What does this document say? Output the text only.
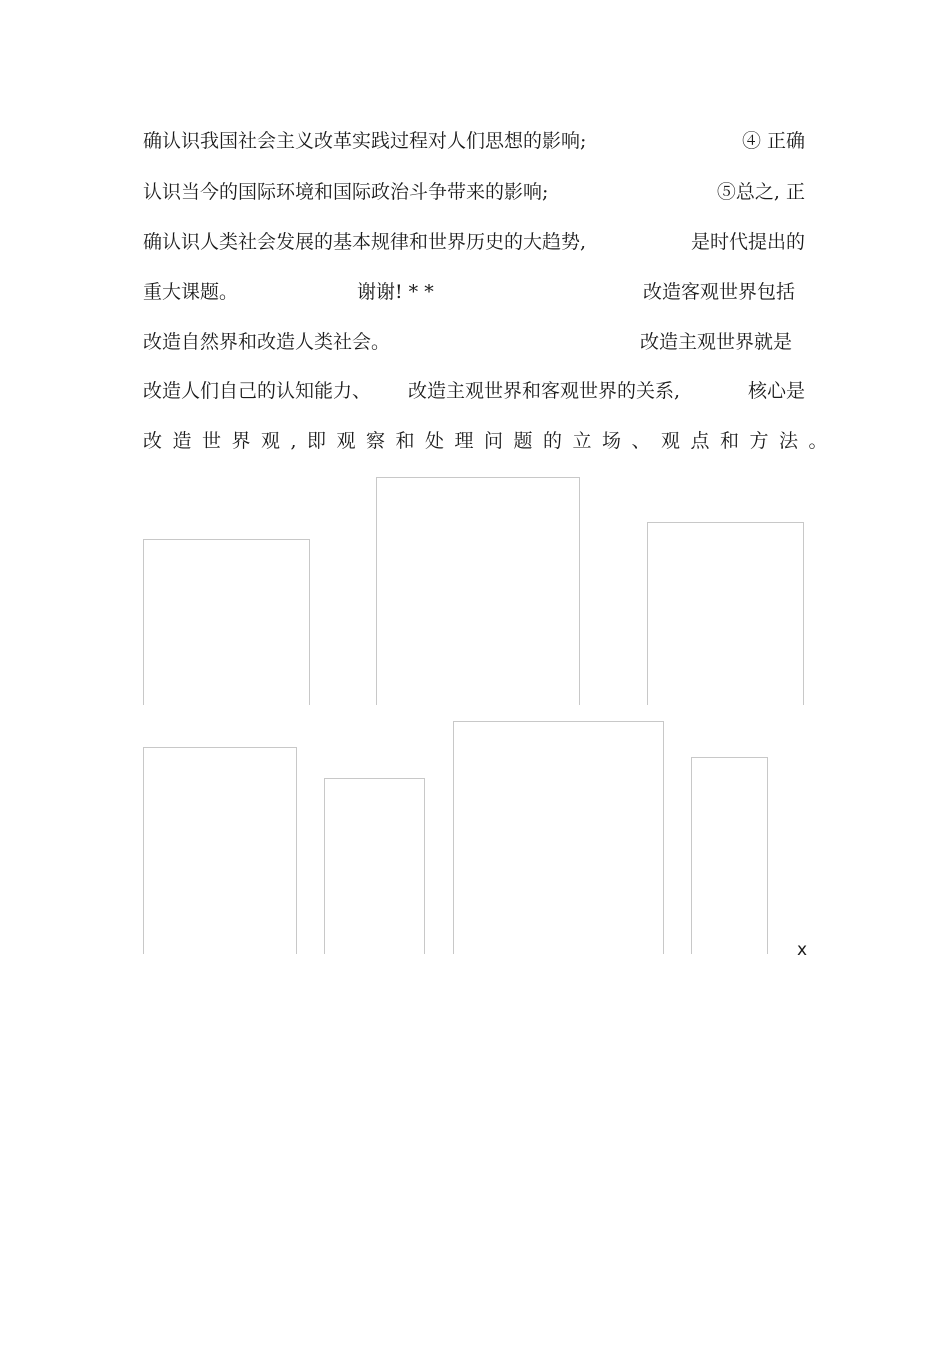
确认识我国社会主义改革实践过程对人们思想的影响;	④ 正确
认识当今的国际环境和国际政治斗争带来的影响;	⑤总之, 正
确认识人类社会发展的基本规律和世界历史的大趋势,	是时代提出的
重大课题。	谢谢! * *	改造客观世界包括
改造自然界和改造人类社会。	改造主观世界就是
改造人们自己的认知能力、 改造主观世界和客观世界的关系,	核心是
改造世界观,即观察和处理问题的立场、观点和方法。
x
